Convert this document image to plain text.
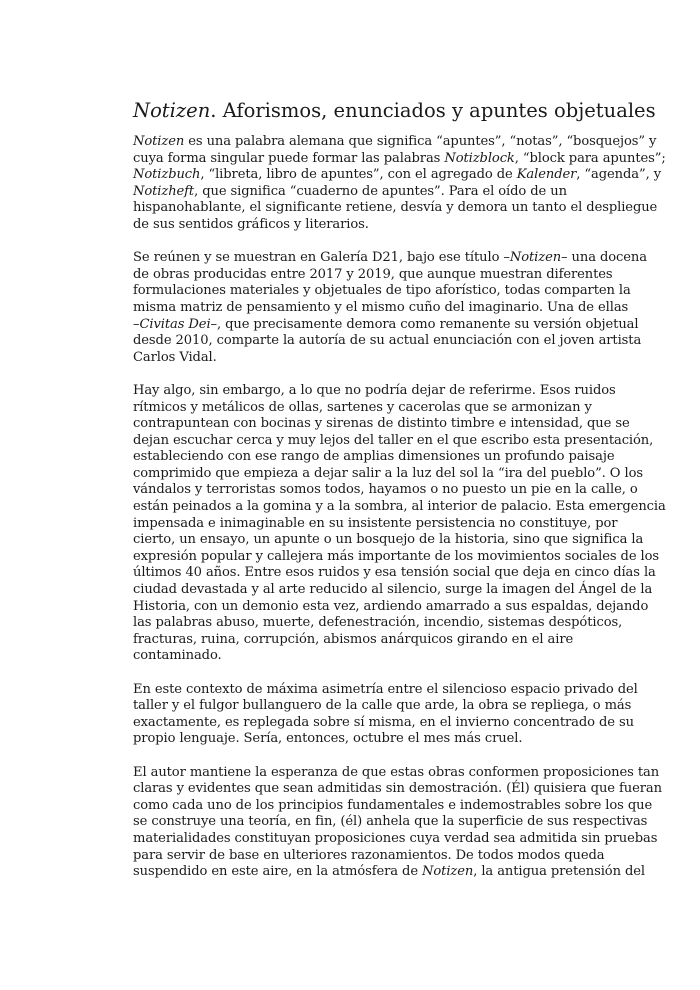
Notizen. Aforismos, enunciados y apuntes objetuales

Notizen es una palabra alemana que significa “apuntes”, “notas”, “bosquejos” y
cuya forma singular puede formar las palabras Notizblock, “block para apuntes”;
Notizbuch, “libreta, libro de apuntes”, con el agregado de Kalender, “agenda”, y
Notizheft, que significa “cuaderno de apuntes”. Para el oído de un
hispanohablante, el significante retiene, desvía y demora un tanto el despliegue
de sus sentidos gráficos y literarios.

Se reúnen y se muestran en Galería D21, bajo ese título –Notizen– una docena
de obras producidas entre 2017 y 2019, que aunque muestran diferentes
formulaciones materiales y objetuales de tipo aforístico, todas comparten la
misma matriz de pensamiento y el mismo cuño del imaginario. Una de ellas
–Civitas Dei–, que precisamente demora como remanente su versión objetual
desde 2010, comparte la autoría de su actual enunciación con el joven artista
Carlos Vidal.

Hay algo, sin embargo, a lo que no podría dejar de referirme. Esos ruidos
rítmicos y metálicos de ollas, sartenes y cacerolas que se armonizan y
contrapuntean con bocinas y sirenas de distinto timbre e intensidad, que se
dejan escuchar cerca y muy lejos del taller en el que escribo esta presentación,
estableciendo con ese rango de amplias dimensiones un profundo paisaje
comprimido que empieza a dejar salir a la luz del sol la “ira del pueblo”. O los
vándalos y terroristas somos todos, hayamos o no puesto un pie en la calle, o
están peinados a la gomina y a la sombra, al interior de palacio. Esta emergencia
impensada e inimaginable en su insistente persistencia no constituye, por
cierto, un ensayo, un apunte o un bosquejo de la historia, sino que significa la
expresión popular y callejera más importante de los movimientos sociales de los
últimos 40 años. Entre esos ruidos y esa tensión social que deja en cinco días la
ciudad devastada y al arte reducido al silencio, surge la imagen del Ángel de la
Historia, con un demonio esta vez, ardiendo amarrado a sus espaldas, dejando
las palabras abuso, muerte, defenestración, incendio, sistemas despóticos,
fracturas, ruina, corrupción, abismos anárquicos girando en el aire
contaminado.

En este contexto de máxima asimetría entre el silencioso espacio privado del
taller y el fulgor bullanguero de la calle que arde, la obra se repliega, o más
exactamente, es replegada sobre sí misma, en el invierno concentrado de su
propio lenguaje. Sería, entonces, octubre el mes más cruel.

El autor mantiene la esperanza de que estas obras conformen proposiciones tan
claras y evidentes que sean admitidas sin demostración. (Él) quisiera que fueran
como cada uno de los principios fundamentales e indemostrables sobre los que
se construye una teoría, en fin, (él) anhela que la superficie de sus respectivas
materialidades constituyan proposiciones cuya verdad sea admitida sin pruebas
para servir de base en ulteriores razonamientos. De todos modos queda
suspendido en este aire, en la atmósfera de Notizen, la antigua pretensión del
